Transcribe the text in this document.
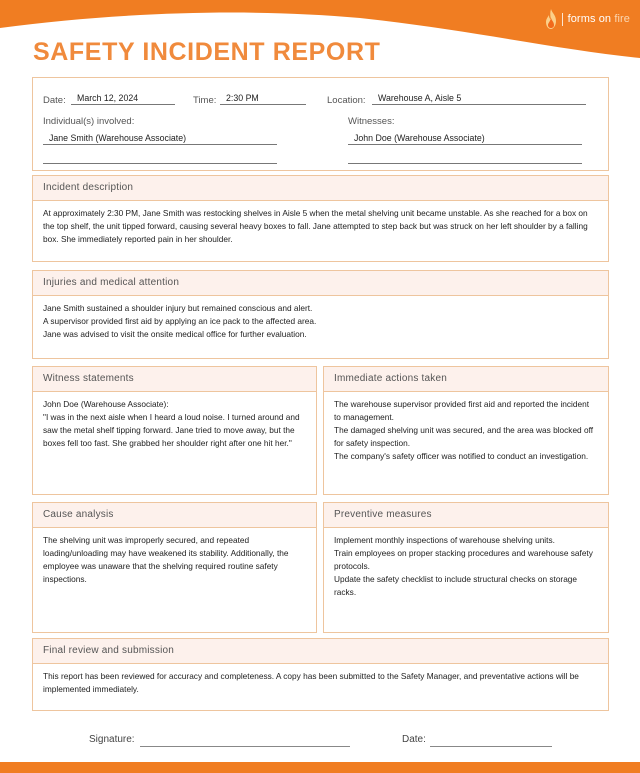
forms on fire
SAFETY INCIDENT REPORT
Date:	March 12, 2024	Time:	2:30 PM	Location:	Warehouse A, Aisle 5
Individual(s) involved:
Jane Smith (Warehouse Associate)
Witnesses:
John Doe (Warehouse Associate)
Incident description

At approximately 2:30 PM, Jane Smith was restocking shelves in Aisle 5 when the metal shelving unit became unstable. As she reached for a box on the top shelf, the unit tipped forward, causing several heavy boxes to fall. Jane attempted to step back but was struck on her left shoulder by a falling box. She immediately reported pain in her shoulder.

Injuries and medical attention

Jane Smith sustained a shoulder injury but remained conscious and alert.

A supervisor provided first aid by applying an ice pack to the affected area.

Jane was advised to visit the onsite medical office for further evaluation.

Witness statements

John Doe (Warehouse Associate):

"I was in the next aisle when I heard a loud noise. I turned around and saw the metal shelf tipping forward. Jane tried to move away, but the boxes fell too fast. She grabbed her shoulder right after one hit her."

Immediate actions taken

The warehouse supervisor provided first aid and reported the incident to management.

The damaged shelving unit was secured, and the area was blocked off for safety inspection.

The company's safety officer was notified to conduct an investigation.

Cause analysis

The shelving unit was improperly secured, and repeated loading/unloading may have weakened its stability. Additionally, the employee was unaware that the shelving required routine safety inspections.

Preventive measures

Implement monthly inspections of warehouse shelving units.

Train employees on proper stacking procedures and warehouse safety protocols.

Update the safety checklist to include structural checks on storage racks.

Final review and submission

This report has been reviewed for accuracy and completeness. A copy has been submitted to the Safety Manager, and preventative actions will be implemented immediately.

Signature:	Date:
